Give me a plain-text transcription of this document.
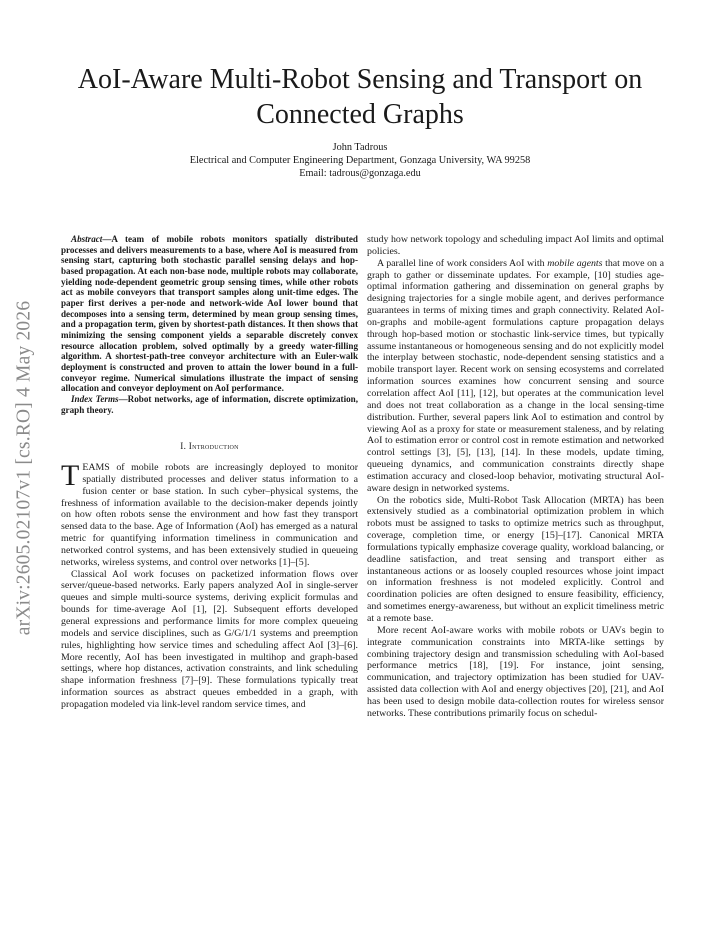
arXiv:2605.02107v1 [cs.RO] 4 May 2026
AoI-Aware Multi-Robot Sensing and Transport on Connected Graphs
John Tadrous
Electrical and Computer Engineering Department, Gonzaga University, WA 99258
Email: tadrous@gonzaga.edu

Abstract—A team of mobile robots monitors spatially distributed processes and delivers measurements to a base, where AoI is measured from sensing start, capturing both stochastic parallel sensing delays and hop-based propagation. At each non-base node, multiple robots may collaborate, yielding node-dependent geometric group sensing times, while other robots act as mobile conveyors that transport samples along unit-time edges. The paper first derives a per-node and network-wide AoI lower bound that decomposes into a sensing term, determined by mean group sensing times, and a propagation term, given by shortest-path distances. It then shows that minimizing the sensing component yields a separable discretely convex resource allocation problem, solved optimally by a greedy water-filling algorithm. A shortest-path-tree conveyor architecture with an Euler-walk deployment is constructed and proven to attain the lower bound in a full-conveyor regime. Numerical simulations illustrate the impact of sensing allocation and conveyor deployment on AoI performance.

Index Terms—Robot networks, age of information, discrete optimization, graph theory.

I. Introduction

TEAMS of mobile robots are increasingly deployed to monitor spatially distributed processes and deliver status information to a fusion center or base station. In such cyber–physical systems, the freshness of information available to the decision-maker depends jointly on how often robots sense the environment and how fast they transport sensed data to the base. Age of Information (AoI) has emerged as a natural metric for quantifying information timeliness in communication and networked control systems, and has been extensively studied in queueing networks, wireless systems, and control over networks [1]–[5].

Classical AoI work focuses on packetized information flows over server/queue-based networks. Early papers analyzed AoI in single-server queues and simple multi-source systems, deriving explicit formulas and bounds for time-average AoI [1], [2]. Subsequent efforts developed general expressions and performance limits for more complex queueing models and service disciplines, such as G/G/1/1 systems and preemption rules, highlighting how service times and scheduling affect AoI [3]–[6]. More recently, AoI has been investigated in multihop and graph-based settings, where hop distances, activation constraints, and link scheduling shape information freshness [7]–[9]. These formulations typically treat information sources as abstract queues embedded in a graph, with propagation modeled via link-level random service times, and

study how network topology and scheduling impact AoI limits and optimal policies.

A parallel line of work considers AoI with mobile agents that move on a graph to gather or disseminate updates. For example, [10] studies age-optimal information gathering and dissemination on general graphs by designing trajectories for a single mobile agent, and derives performance guarantees in terms of mixing times and graph connectivity. Related AoI-on-graphs and mobile-agent formulations capture propagation delays through hop-based motion or stochastic link-service times, but typically assume instantaneous or homogeneous sensing and do not explicitly model the interplay between stochastic, node-dependent sensing statistics and a mobile transport layer. Recent work on sensing ecosystems and correlated information sources examines how concurrent sensing and source correlation affect AoI [11], [12], but operates at the communication level and does not treat collaboration as a change in the local sensing-time distribution. Further, several papers link AoI to estimation and control by viewing AoI as a proxy for state or measurement staleness, and by relating AoI to estimation error or control cost in remote estimation and networked control settings [3], [5], [13], [14]. In these models, update timing, queueing dynamics, and communication constraints directly shape estimation accuracy and closed-loop behavior, motivating structural AoI-aware design in networked systems.

On the robotics side, Multi-Robot Task Allocation (MRTA) has been extensively studied as a combinatorial optimization problem in which robots must be assigned to tasks to optimize metrics such as throughput, coverage, completion time, or energy [15]–[17]. Canonical MRTA formulations typically emphasize coverage quality, workload balancing, or deadline satisfaction, and treat sensing and transport either as instantaneous actions or as loosely coupled resources whose joint impact on information freshness is not modeled explicitly. Control and coordination policies are often designed to ensure feasibility, efficiency, and sometimes energy-awareness, but without an explicit timeliness metric at a remote base.

More recent AoI-aware works with mobile robots or UAVs begin to integrate communication constraints into MRTA-like settings by combining trajectory design and transmission scheduling with AoI-based performance metrics [18], [19]. For instance, joint sensing, communication, and trajectory optimization has been studied for UAV-assisted data collection with AoI and energy objectives [20], [21], and AoI has been used to design mobile data-collection routes for wireless sensor networks. These contributions primarily focus on schedul-
